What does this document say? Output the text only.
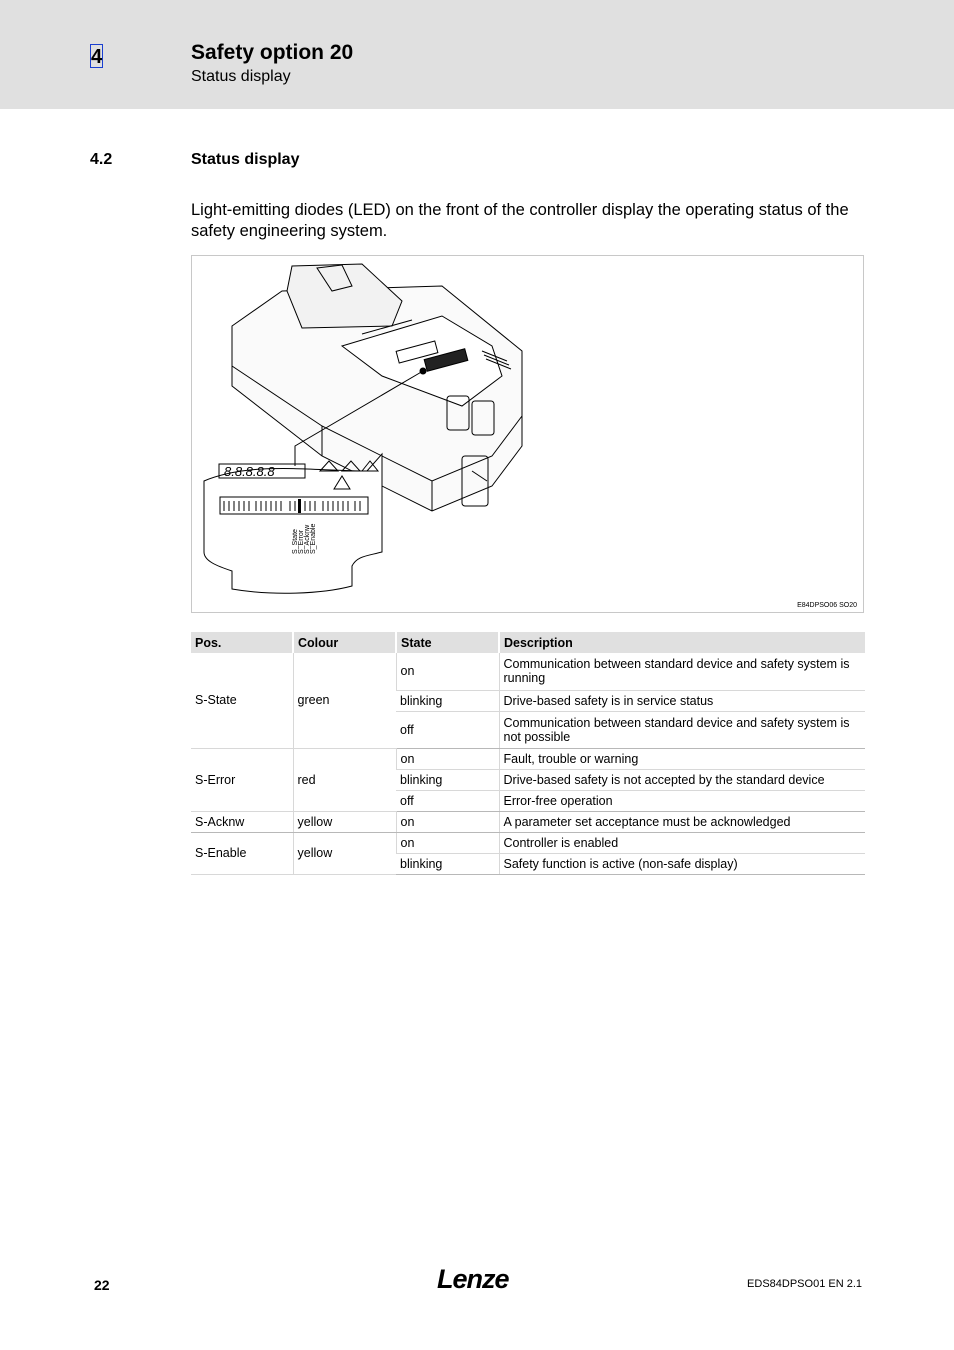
4	Safety option 20
Status display
4.2	Status display
Light-emitting diodes (LED) on the front of the controller display the operating status of the safety engineering system.
8.8.8.8.8
S_State S_Error S_Acknw S_Enable
E84DPSO06 SO20
Pos.	Colour	State	Description
S-State	green	on	Communication between standard device and safety system is running
		blinking	Drive-based safety is in service status
		off	Communication between standard device and safety system is not possible
S-Error	red	on	Fault, trouble or warning
		blinking	Drive-based safety is not accepted by the standard device
		off	Error-free operation
S-Acknw	yellow	on	A parameter set acceptance must be acknowledged
S-Enable	yellow	on	Controller is enabled
		blinking	Safety function is active (non-safe display)
22	Lenze	EDS84DPSO01 EN 2.1
